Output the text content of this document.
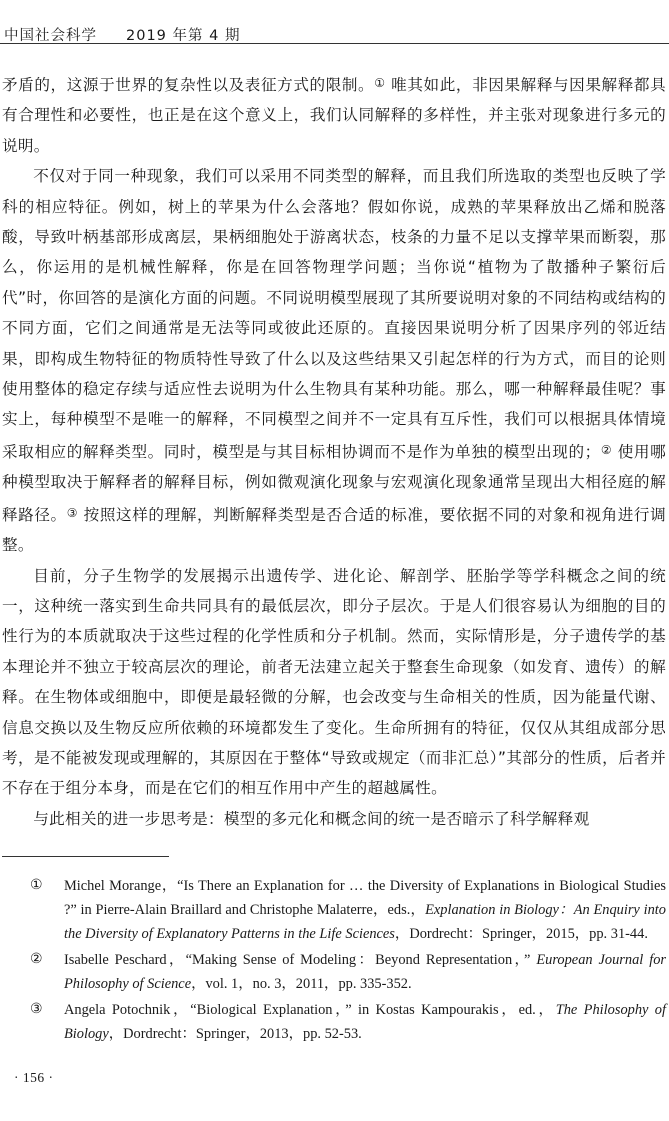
中国社会科学 2019 年第 4 期

矛盾的，这源于世界的复杂性以及表征方式的限制。① 唯其如此，非因果解释与因果解释都具有合理性和必要性，也正是在这个意义上，我们认同解释的多样性，并主张对现象进行多元的说明。

不仅对于同一种现象，我们可以采用不同类型的解释，而且我们所选取的类型也反映了学科的相应特征。例如，树上的苹果为什么会落地？假如你说，成熟的苹果释放出乙烯和脱落酸，导致叶柄基部形成离层，果柄细胞处于游离状态，枝条的力量不足以支撑苹果而断裂，那么，你运用的是机械性解释，你是在回答物理学问题；当你说“植物为了散播种子繁衍后代”时，你回答的是演化方面的问题。不同说明模型展现了其所要说明对象的不同结构或结构的不同方面，它们之间通常是无法等同或彼此还原的。直接因果说明分析了因果序列的邻近结果，即构成生物特征的物质特性导致了什么以及这些结果又引起怎样的行为方式，而目的论则使用整体的稳定存续与适应性去说明为什么生物具有某种功能。那么，哪一种解释最佳呢？事实上，每种模型不是唯一的解释，不同模型之间并不一定具有互斥性，我们可以根据具体情境采取相应的解释类型。同时，模型是与其目标相协调而不是作为单独的模型出现的；② 使用哪种模型取决于解释者的解释目标，例如微观演化现象与宏观演化现象通常呈现出大相径庭的解释路径。③ 按照这样的理解，判断解释类型是否合适的标准，要依据不同的对象和视角进行调整。

目前，分子生物学的发展揭示出遗传学、进化论、解剖学、胚胎学等学科概念之间的统一，这种统一落实到生命共同具有的最低层次，即分子层次。于是人们很容易认为细胞的目的性行为的本质就取决于这些过程的化学性质和分子机制。然而，实际情形是，分子遗传学的基本理论并不独立于较高层次的理论，前者无法建立起关于整套生命现象（如发育、遗传）的解释。在生物体或细胞中，即便是最轻微的分解，也会改变与生命相关的性质，因为能量代谢、信息交换以及生物反应所依赖的环境都发生了变化。生命所拥有的特征，仅仅从其组成部分思考，是不能被发现或理解的，其原因在于整体“导致或规定（而非汇总）”其部分的性质，后者并不存在于组分本身，而是在它们的相互作用中产生的超越属性。

与此相关的进一步思考是：模型的多元化和概念间的统一是否暗示了科学解释观

① Michel Morange，“Is There an Explanation for … the Diversity of Explanations in Biological Studies ?” in Pierre-Alain Braillard and Christophe Malaterre，eds.，Explanation in Biology：An Enquiry into the Diversity of Explanatory Patterns in the Life Sciences，Dordrecht：Springer，2015，pp. 31-44.
② Isabelle Peschard，“Making Sense of Modeling：Beyond Representation，” European Journal for Philosophy of Science，vol. 1，no. 3，2011，pp. 335-352.
③ Angela Potochnik，“Biological Explanation，” in Kostas Kampourakis，ed.，The Philosophy of Biology，Dordrecht：Springer，2013，pp. 52-53.
· 156 ·
